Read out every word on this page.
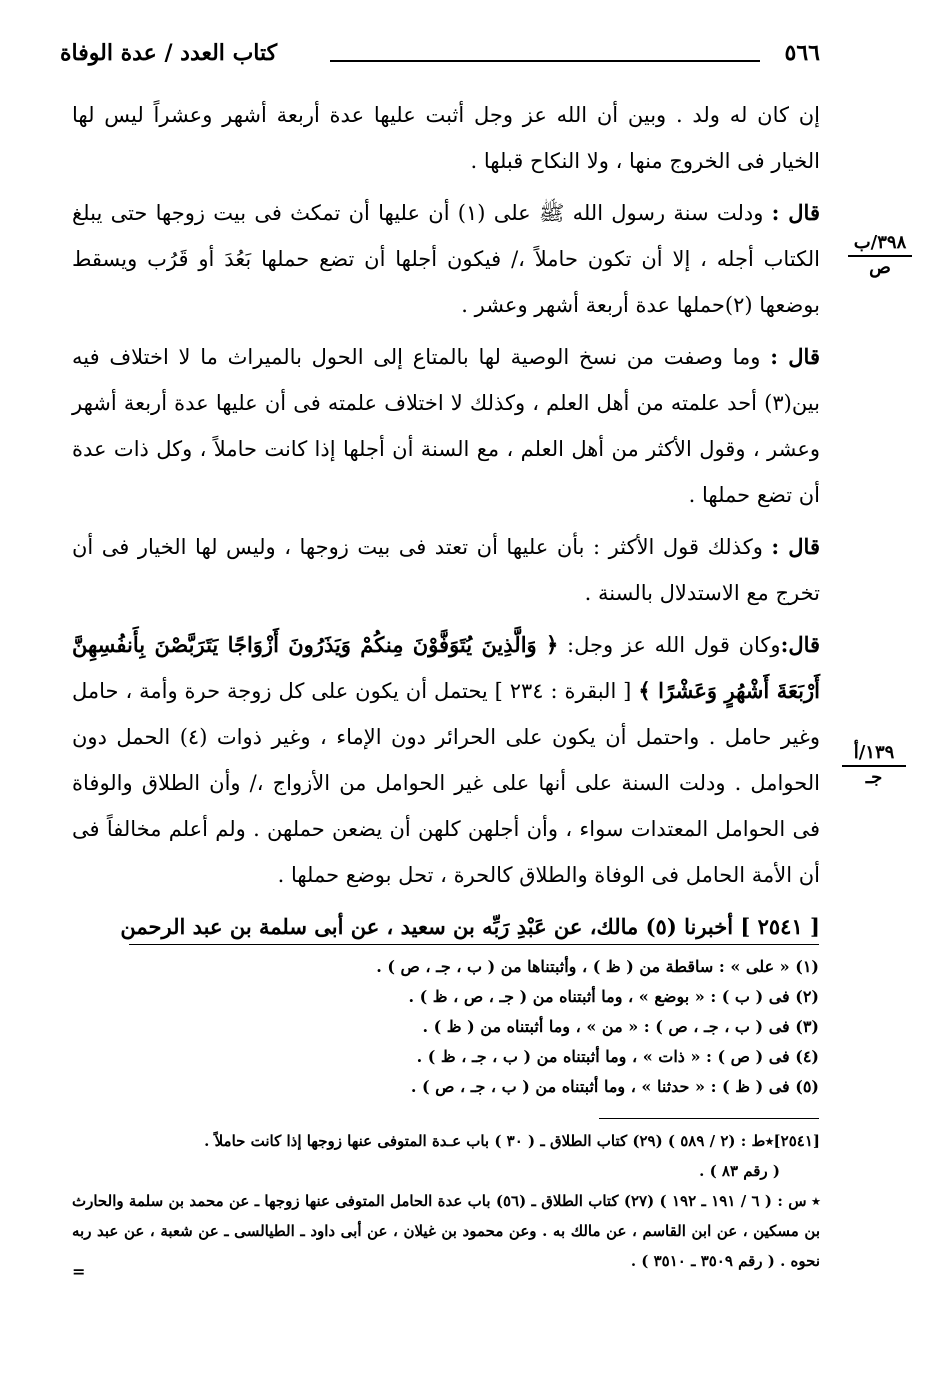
٥٦٦
كتاب العدد / عدة الوفاة
٣٩٨/ب
ص
١٣٩/أ
جـ

إن كان له ولد . وبين أن الله عز وجل أثبت عليها عدة أربعة أشهر وعشراً ليس لها الخيار فى الخروج منها ، ولا النكاح قبلها .

قال : ودلت سنة رسول الله ﷺ على (١) أن عليها أن تمكث فى بيت زوجها حتى يبلغ الكتاب أجله ، إلا أن تكون حاملاً ،/ فيكون أجلها أن تضع حملها بَعُدَ أو قَرُب ويسقط بوضعها (٢)حملها عدة أربعة أشهر وعشر .

قال : وما وصفت من نسخ الوصية لها بالمتاع إلى الحول بالميراث ما لا اختلاف فيه بين(٣) أحد علمته من أهل العلم ، وكذلك لا اختلاف علمته فى أن عليها عدة أربعة أشهر وعشر ، وقول الأكثر من أهل العلم ، مع السنة أن أجلها إذا كانت حاملاً ، وكل ذات عدة أن تضع حملها .

قال : وكذلك قول الأكثر : بأن عليها أن تعتد فى بيت زوجها ، وليس لها الخيار فى أن تخرج مع الاستدلال بالسنة .

قال:وكان قول الله عز وجل: ﴿ وَالَّذِينَ يُتَوَفَّوْنَ مِنكُمْ وَيَذَرُونَ أَزْوَاجًا يَتَرَبَّصْنَ بِأَنفُسِهِنَّ أَرْبَعَةَ أَشْهُرٍ وَعَشْرًا ﴾ [ البقرة : ٢٣٤ ] يحتمل أن يكون على كل زوجة حرة وأمة ، حامل وغير حامل . واحتمل أن يكون على الحرائر دون الإماء ، وغير ذوات (٤) الحمل دون الحوامل . ودلت السنة على أنها على غير الحوامل من الأزواج ،/ وأن الطلاق والوفاة فى الحوامل المعتدات سواء ، وأن أجلهن كلهن أن يضعن حملهن . ولم أعلم مخالفاً فى أن الأمة الحامل فى الوفاة والطلاق كالحرة ، تحل بوضع حملها .

[ ٢٥٤١ ] أخبرنا (٥) مالك، عن عَبْدِ رَبِّه بن سعيد ، عن أبى سلمة بن عبد الرحمن

(١) « على » : ساقطة من ( ظ ) ، وأثبتناها من ( ب ، جـ ، ص ) .
(٢) فى ( ب ) : « بوضع » ، وما أثبتناه من ( جـ ، ص ، ظ ) .
(٣) فى ( ب ، جـ ، ص ) : « من » ، وما أثبتناه من ( ظ ) .
(٤) فى ( ص ) : « ذات » ، وما أثبتناه من ( ب ، جـ ، ظ ) .
(٥) فى ( ظ ) : « حدثنا » ، وما أثبتناه من ( ب ، جـ ، ص ) .

[٢٥٤١]٭ط : (٢ / ٥٨٩ ) (٢٩) كتاب الطلاق ـ ( ٣٠ ) باب عـدة المتوفى عنها زوجها إذا كانت حاملاً .

( رقم ٨٣ ) .

٭ س : ( ٦ / ١٩١ ـ ١٩٢ ) (٢٧) كتاب الطلاق ـ (٥٦) باب عدة الحامل المتوفى عنها زوجها ـ عن محمد بن سلمة والحارث بن مسكين ، عن ابن القاسم ، عن مالك به . وعن محمود بن غيلان ، عن أبى داود ـ الطيالسى ـ عن شعبة ، عن عبد ربه نحوه . ( رقم ٣٥٠٩ ـ ٣٥١٠ ) .

=
